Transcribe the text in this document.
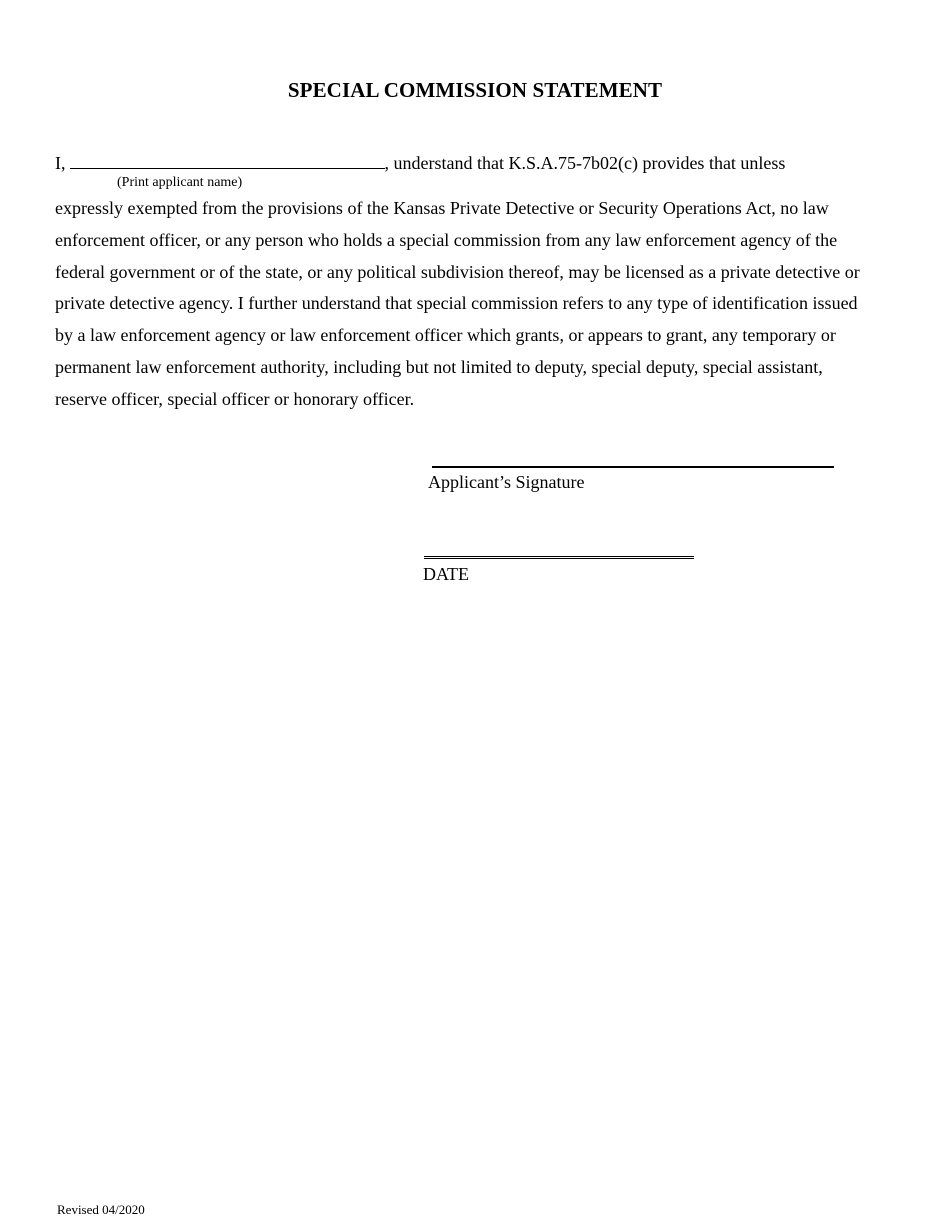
SPECIAL COMMISSION STATEMENT
I,	, understand that K.S.A.75-7b02(c) provides that unless
(Print applicant name)

expressly exempted from the provisions of the Kansas Private Detective or Security Operations Act, no law
enforcement officer, or any person who holds a special commission from any law enforcement agency of the
federal government or of the state, or any political subdivision thereof, may be licensed as a private detective or
private detective agency. I further understand that special commission refers to any type of identification issued
by a law enforcement agency or law enforcement officer which grants, or appears to grant, any temporary or
permanent law enforcement authority, including but not limited to deputy, special deputy, special assistant,
reserve officer, special officer or honorary officer.

Applicant’s Signature
DATE
Revised 04/2020
